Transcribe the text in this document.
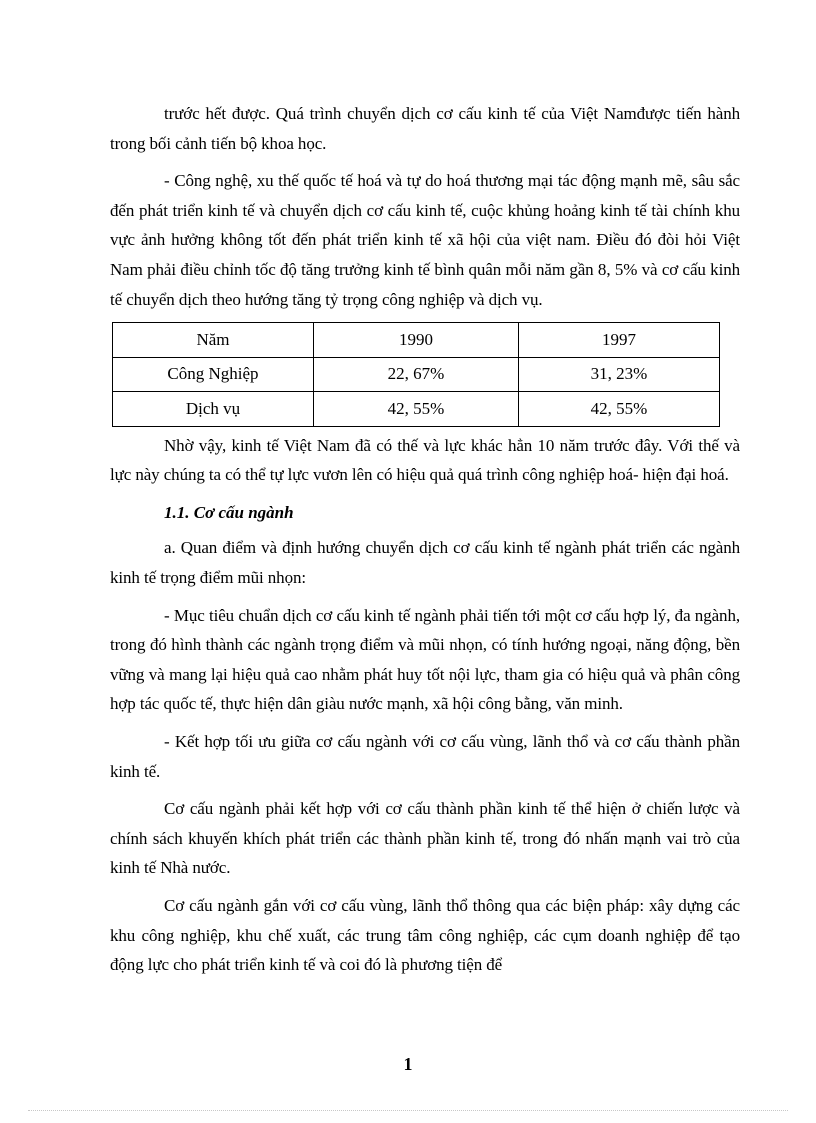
trước hết được. Quá trình chuyển dịch cơ cấu kinh tế của Việt Namđược tiến hành trong bối cảnh tiến bộ khoa học.

- Công nghệ, xu thế quốc tế hoá và tự do hoá thương mại tác động mạnh mẽ, sâu sắc đến phát triển kinh tế và chuyển dịch cơ cấu kinh tế, cuộc khủng hoảng kinh tế tài chính khu vực ảnh hưởng không tốt đến phát triển kinh tế xã hội của việt nam. Điều đó đòi hỏi Việt Nam phải điều chỉnh tốc độ tăng trưởng kinh tế bình quân mỗi năm gần 8, 5% và cơ cấu kinh tế chuyển dịch theo hướng tăng tỷ trọng công nghiệp và dịch vụ.

Năm	1990	1997
Công Nghiệp	22, 67%	31, 23%
Dịch vụ	42, 55%	42, 55%

Nhờ vậy, kinh tế Việt Nam đã có thế và lực khác hẳn 10 năm trước đây. Với thế và lực này chúng ta có thể tự lực vươn lên có hiệu quả quá trình công nghiệp hoá- hiện đại hoá.

1.1. Cơ cấu ngành

a. Quan điểm và định hướng chuyển dịch cơ cấu kinh tế ngành phát triển các ngành kinh tế trọng điểm mũi nhọn:

- Mục tiêu chuẩn dịch cơ cấu kinh tế ngành phải tiến tới một cơ cấu hợp lý, đa ngành, trong đó hình thành các ngành trọng điểm và mũi nhọn, có tính hướng ngoại, năng động, bền vững và mang lại hiệu quả cao nhằm phát huy tốt nội lực, tham gia có hiệu quả và phân công hợp tác quốc tế, thực hiện dân giàu nước mạnh, xã hội công bằng, văn minh.

- Kết hợp tối ưu giữa cơ cấu ngành với cơ cấu vùng, lãnh thổ và cơ cấu thành phần kinh tế.

Cơ cấu ngành phải kết hợp với cơ cấu thành phần kinh tế thể hiện ở chiến lược và chính sách khuyến khích phát triển các thành phần kinh tế, trong đó nhấn mạnh vai trò của kinh tế Nhà nước.

Cơ cấu ngành gắn với cơ cấu vùng, lãnh thổ thông qua các biện pháp: xây dựng các khu công nghiệp, khu chế xuất, các trung tâm công nghiệp, các cụm doanh nghiệp để tạo động lực cho phát triển kinh tế và coi đó là phương tiện để

1
